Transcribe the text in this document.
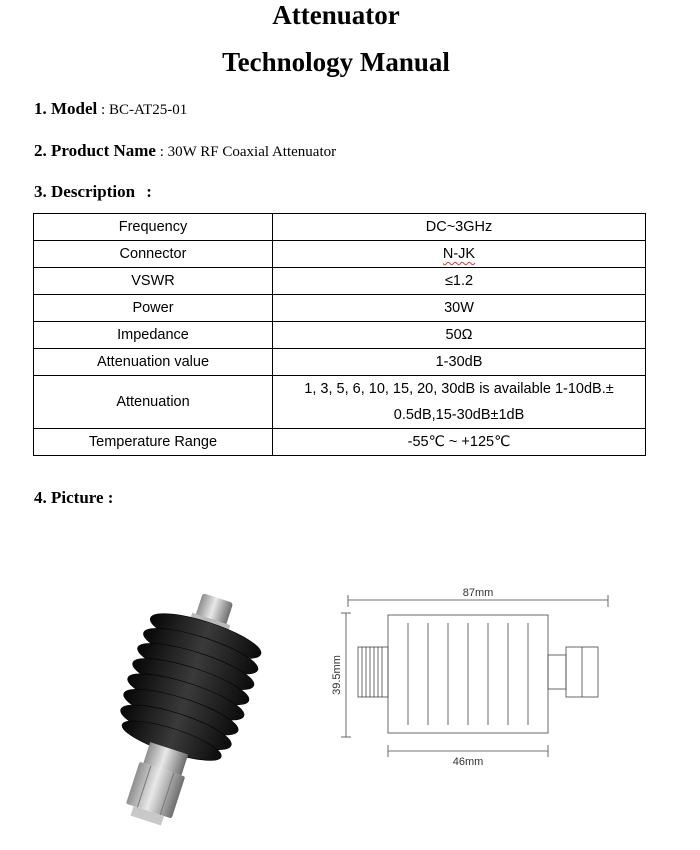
Attenuator
Technology Manual
1. Model : BC-AT25-01
2. Product Name : 30W RF Coaxial Attenuator
3. Description :
Frequency	DC~3GHz
Connector	N-JK
VSWR	≤1.2
Power	30W
Impedance	50Ω
Attenuation value	1-30dB
Attenuation	1, 3, 5, 6, 10, 15, 20, 30dB is available 1-10dB.±
0.5dB,15-30dB±1dB

Temperature Range	-55℃ ~ +125℃
4. Picture :
87mm
39.5mm
46mm
